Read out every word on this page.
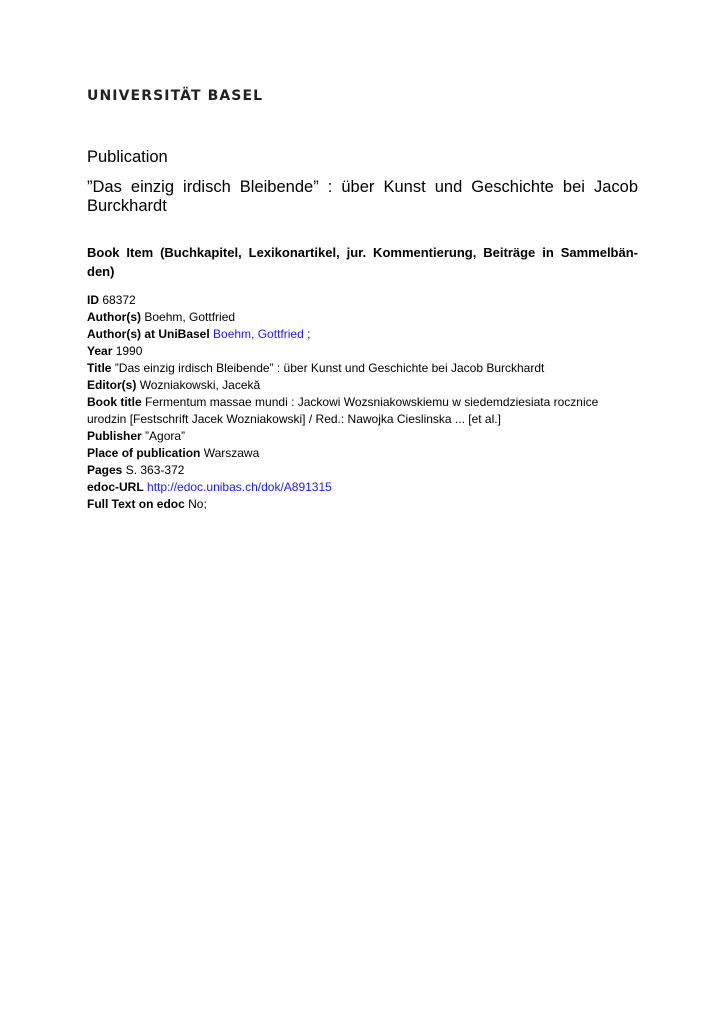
UNIVERSITÄT BASEL

Publication

”Das einzig irdisch Bleibende” : über Kunst und Geschichte bei Jacob Burckhardt

Book Item (Buchkapitel, Lexikonartikel, jur. Kommentierung, Beiträge in Sammelbän-den)

ID 68372

Author(s) Boehm, Gottfried

Author(s) at UniBasel Boehm, Gottfried ;

Year 1990

Title ”Das einzig irdisch Bleibende” : über Kunst und Geschichte bei Jacob Burckhardt

Editor(s) Wozniakowski, Jacekă

Book title Fermentum massae mundi : Jackowi Wozsniakowskiemu w siedemdziesiata rocznice urodzin [Festschrift Jacek Wozniakowski] / Red.: Nawojka Cieslinska ... [et al.]

Publisher ”Agora”

Place of publication Warszawa

Pages S. 363-372

edoc-URL http://edoc.unibas.ch/dok/A891315

Full Text on edoc No;
